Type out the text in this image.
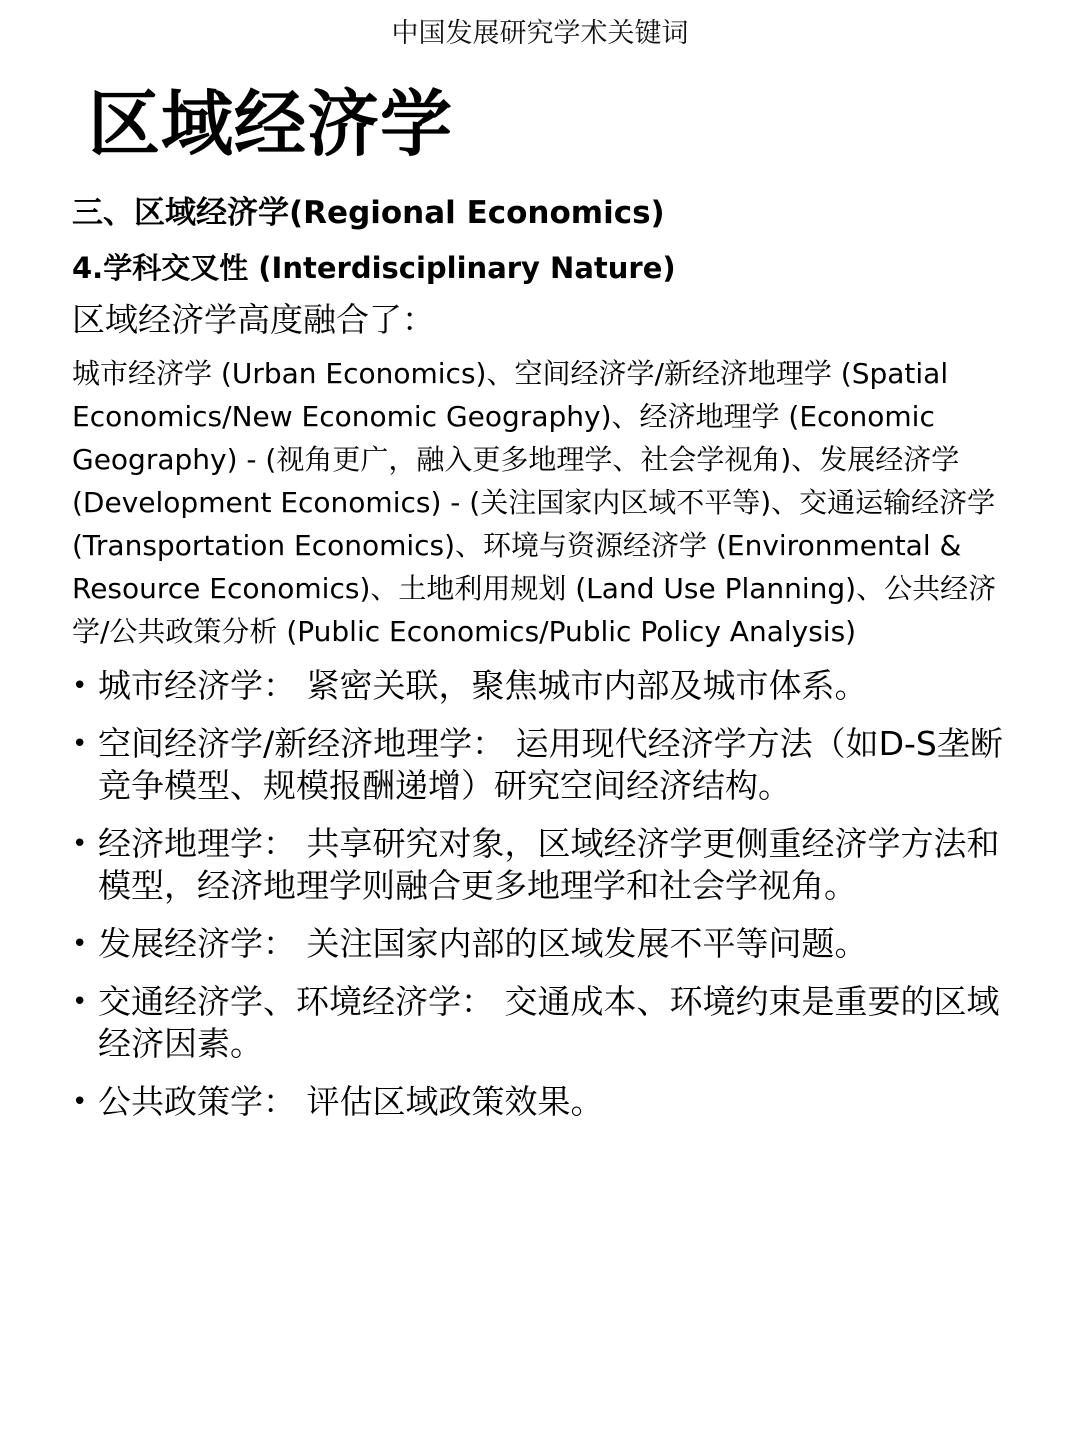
中国发展研究学术关键词
区域经济学
三、区域经济学(Regional Economics)
4.学科交叉性 (Interdisciplinary Nature)
区域经济学高度融合了：
城市经济学 (Urban Economics)、空间经济学/新经济地理学 (Spatial Economics/New Economic Geography)、经济地理学 (Economic Geography) - (视角更广，融入更多地理学、社会学视角)、发展经济学 (Development Economics) - (关注国家内区域不平等)、交通运输经济学 (Transportation Economics)、环境与资源经济学 (Environmental & Resource Economics)、土地利用规划 (Land Use Planning)、公共经济学/公共政策分析 (Public Economics/Public Policy Analysis)
• 城市经济学： 紧密关联，聚焦城市内部及城市体系。
• 空间经济学/新经济地理学： 运用现代经济学方法（如D-S垄断竞争模型、规模报酬递增）研究空间经济结构。
• 经济地理学： 共享研究对象，区域经济学更侧重经济学方法和模型，经济地理学则融合更多地理学和社会学视角。
• 发展经济学： 关注国家内部的区域发展不平等问题。
• 交通经济学、环境经济学： 交通成本、环境约束是重要的区域经济因素。
• 公共政策学： 评估区域政策效果。
